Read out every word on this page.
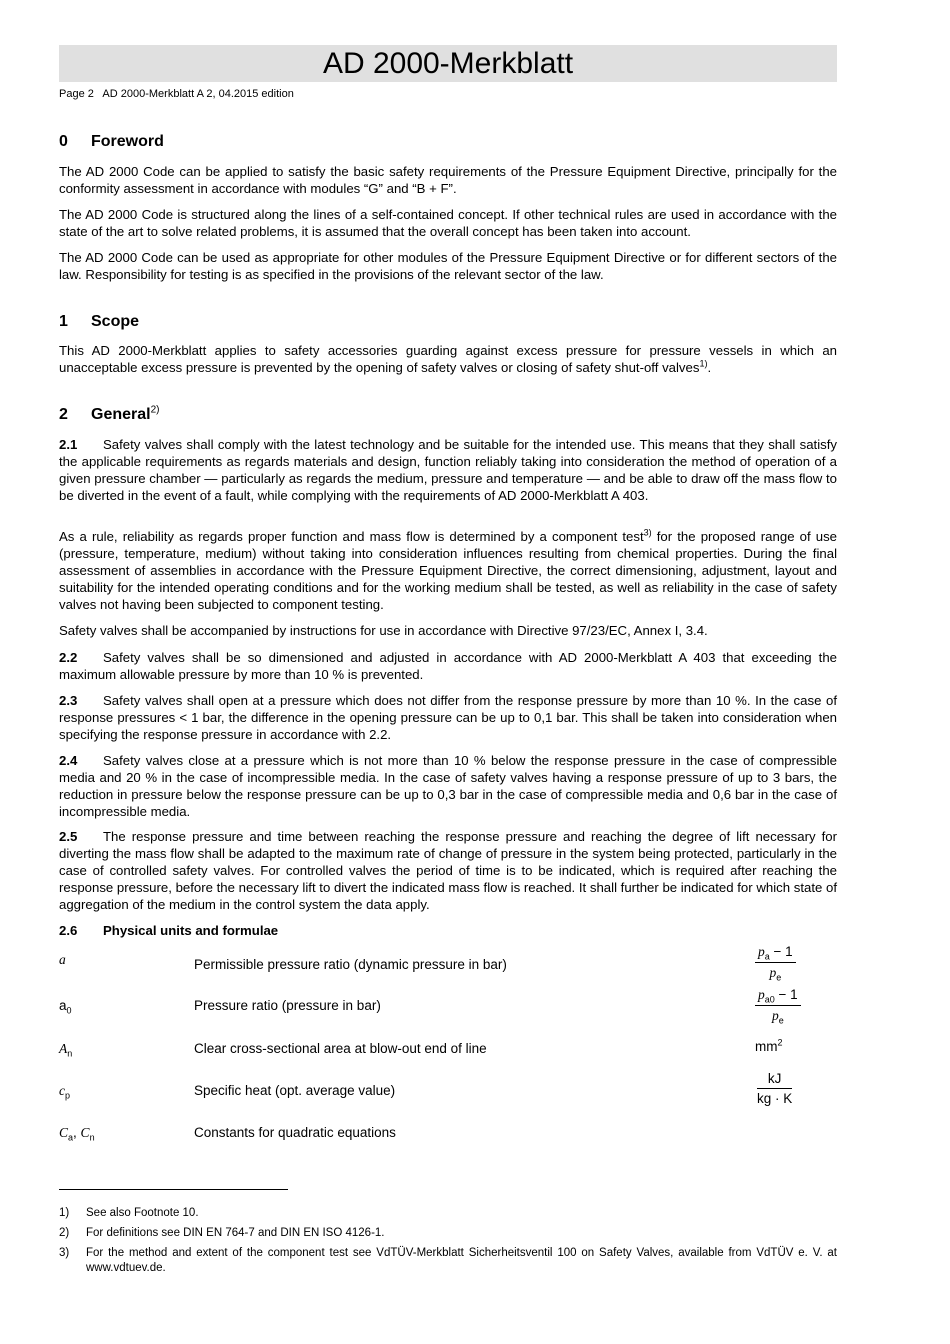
AD 2000-Merkblatt
Page 2   AD 2000-Merkblatt A 2, 04.2015 edition
0 Foreword
The AD 2000 Code can be applied to satisfy the basic safety requirements of the Pressure Equipment Directive, principally for the conformity assessment in accordance with modules “G” and “B + F”.
The AD 2000 Code is structured along the lines of a self-contained concept. If other technical rules are used in accordance with the state of the art to solve related problems, it is assumed that the overall concept has been taken into account.
The AD 2000 Code can be used as appropriate for other modules of the Pressure Equipment Directive or for different sectors of the law. Responsibility for testing is as specified in the provisions of the relevant sector of the law.
1 Scope
This AD 2000-Merkblatt applies to safety accessories guarding against excess pressure for pressure vessels in which an unacceptable excess pressure is prevented by the opening of safety valves or closing of safety shut-off valves$^{1)}$.
2 General$^{2)}$
2.1 Safety valves shall comply with the latest technology and be suitable for the intended use. This means that they shall satisfy the applicable requirements as regards materials and design, function reliably taking into consideration the method of operation of a given pressure chamber — particularly as regards the medium, pressure and temperature — and be able to draw off the mass flow to be diverted in the event of a fault, while complying with the requirements of AD 2000-Merkblatt A 403.
As a rule, reliability as regards proper function and mass flow is determined by a component test$^{3)}$ for the proposed range of use (pressure, temperature, medium) without taking into consideration influences resulting from chemical properties. During the final assessment of assemblies in accordance with the Pressure Equipment Directive, the correct dimensioning, adjustment, layout and suitability for the intended operating conditions and for the working medium shall be tested, as well as reliability in the case of safety valves not having been subjected to component testing.
Safety valves shall be accompanied by instructions for use in accordance with Directive 97/23/EC, Annex I, 3.4.
2.2 Safety valves shall be so dimensioned and adjusted in accordance with AD 2000-Merkblatt A 403 that exceeding the maximum allowable pressure by more than 10 % is prevented.
2.3 Safety valves shall open at a pressure which does not differ from the response pressure by more than 10 %. In the case of response pressures < 1 bar, the difference in the opening pressure can be up to 0,1 bar. This shall be taken into consideration when specifying the response pressure in accordance with 2.2.
2.4 Safety valves close at a pressure which is not more than 10 % below the response pressure in the case of compressible media and 20 % in the case of incompressible media. In the case of safety valves having a response pressure of up to 3 bars, the reduction in pressure below the response pressure can be up to 0,3 bar in the case of compressible media and 0,6 bar in the case of incompressible media.
2.5 The response pressure and time between reaching the response pressure and reaching the degree of lift necessary for diverting the mass flow shall be adapted to the maximum rate of change of pressure in the system being protected, particularly in the case of controlled safety valves. For controlled valves the period of time is to be indicated, which is required after reaching the response pressure, before the necessary lift to divert the indicated mass flow is reached. It shall further be indicated for which state of aggregation of the medium in the control system the data apply.
2.6 Physical units and formulae
a	Permissible pressure ratio (dynamic pressure in bar)	$\frac{p_a - 1}{p_e}$
$a_0$	Pressure ratio (pressure in bar)	$\frac{p_{a0} - 1}{p_e}$
$A_n$	Clear cross-sectional area at blow-out end of line	$mm^2$
$c_p$	Specific heat (opt. average value)	$\frac{kJ}{kg \cdot K}$
$C_a$, $C_n$	Constants for quadratic equations
1) See also Footnote 10.
2) For definitions see DIN EN 764-7 and DIN EN ISO 4126-1.
3) For the method and extent of the component test see VdTÜV-Merkblatt Sicherheitsventil 100 on Safety Valves, available from VdTÜV e. V. at www.vdtuev.de.
